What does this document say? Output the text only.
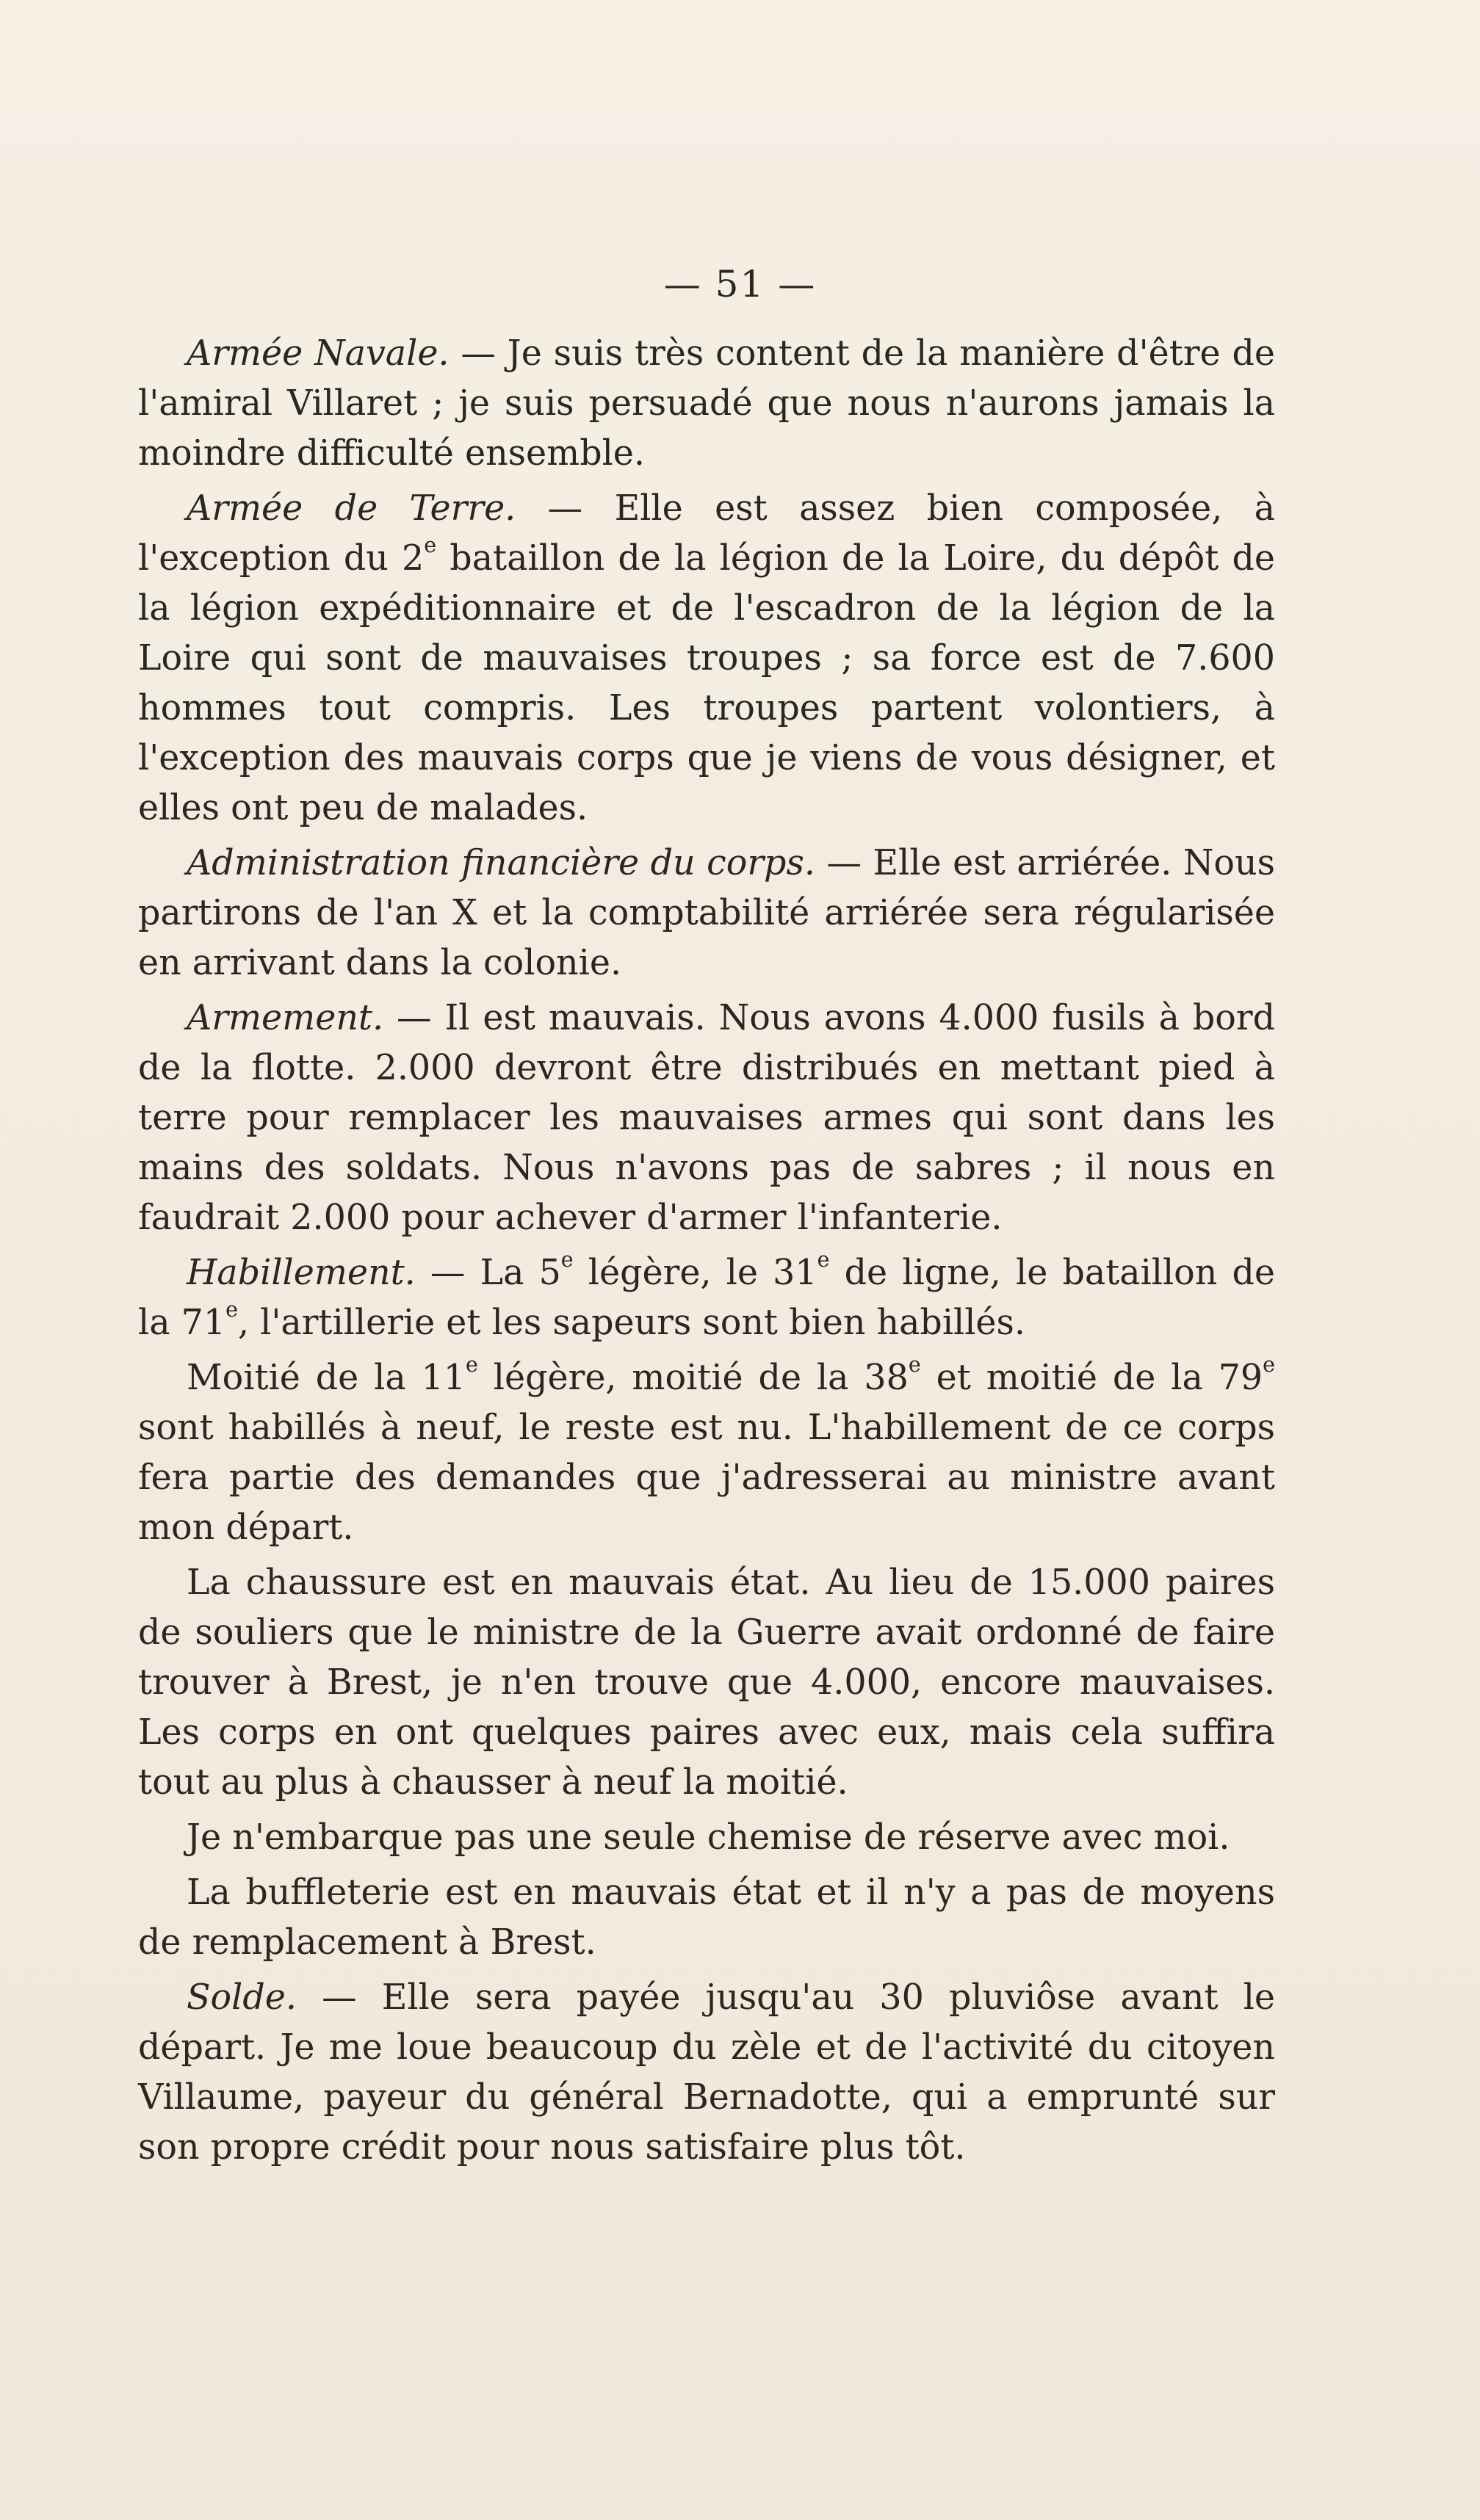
— 51 —

Armée Navale. — Je suis très content de la manière d'être de l'amiral Villaret ; je suis persuadé que nous n'aurons jamais la moindre difficulté ensemble.

Armée de Terre. — Elle est assez bien composée, à l'exception du 2e bataillon de la légion de la Loire, du dépôt de la légion expéditionnaire et de l'escadron de la légion de la Loire qui sont de mauvaises troupes ; sa force est de 7.600 hommes tout compris. Les troupes partent volontiers, à l'exception des mauvais corps que je viens de vous désigner, et elles ont peu de malades.

Administration financière du corps. — Elle est arriérée. Nous partirons de l'an X et la comptabilité arriérée sera régularisée en arrivant dans la colonie.

Armement. — Il est mauvais. Nous avons 4.000 fusils à bord de la flotte. 2.000 devront être distribués en mettant pied à terre pour remplacer les mauvaises armes qui sont dans les mains des soldats. Nous n'avons pas de sabres ; il nous en faudrait 2.000 pour achever d'armer l'infanterie.

Habillement. — La 5e légère, le 31e de ligne, le bataillon de la 71e, l'artillerie et les sapeurs sont bien habillés.

Moitié de la 11e légère, moitié de la 38e et moitié de la 79e sont habillés à neuf, le reste est nu. L'habillement de ce corps fera partie des demandes que j'adresserai au ministre avant mon départ.

La chaussure est en mauvais état. Au lieu de 15.000 paires de souliers que le ministre de la Guerre avait ordonné de faire trouver à Brest, je n'en trouve que 4.000, encore mauvaises. Les corps en ont quelques paires avec eux, mais cela suffira tout au plus à chausser à neuf la moitié.

Je n'embarque pas une seule chemise de réserve avec moi.

La buffleterie est en mauvais état et il n'y a pas de moyens de remplacement à Brest.

Solde. — Elle sera payée jusqu'au 30 pluviôse avant le départ. Je me loue beaucoup du zèle et de l'activité du citoyen Villaume, payeur du général Bernadotte, qui a emprunté sur son propre crédit pour nous satisfaire plus tôt.
